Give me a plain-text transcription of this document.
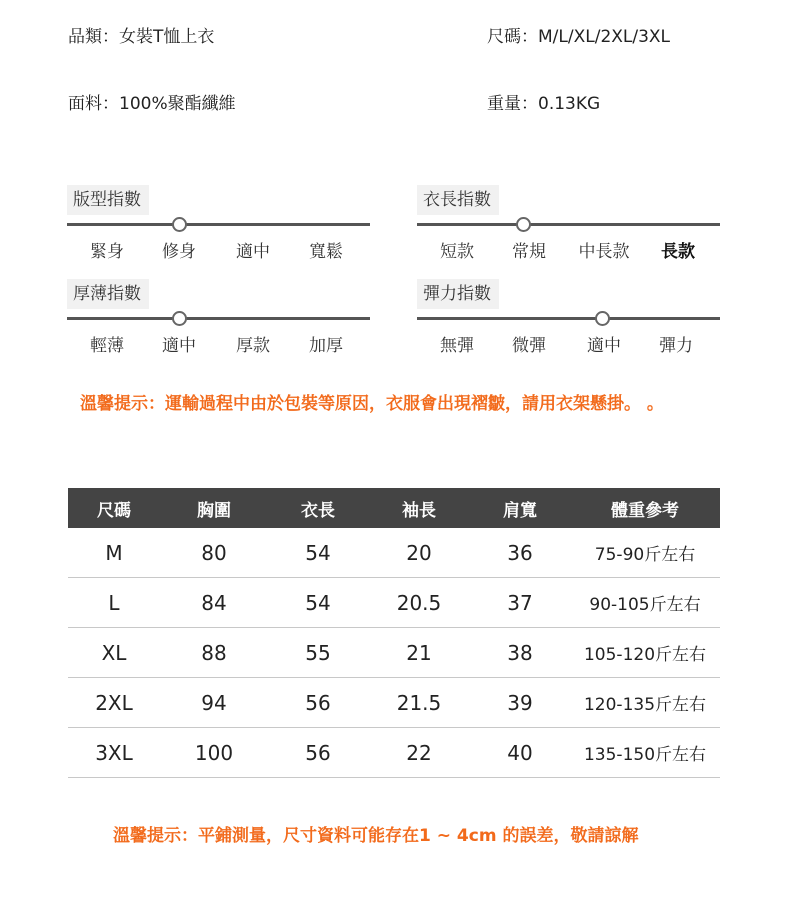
品類：女裝T恤上衣	尺碼：M/L/XL/2XL/3XL
面料：100%聚酯纖維	重量：0.13KG
版型指數
緊身 修身 適中 寬鬆
衣長指數
短款 常規 中長款 長款
厚薄指數
輕薄 適中 厚款 加厚
彈力指數
無彈 微彈 適中 彈力
溫馨提示：運輸過程中由於包裝等原因，衣服會出現褶皺，請用衣架懸掛。 。
尺碼	胸圍	衣長	袖長	肩寬	體重參考
M	80	54	20	36	75-90斤左右
L	84	54	20.5	37	90-105斤左右
XL	88	55	21	38	105-120斤左右
2XL	94	56	21.5	39	120-135斤左右
3XL	100	56	22	40	135-150斤左右
溫馨提示：平鋪測量，尺寸資料可能存在1 ~ 4cm 的誤差，敬請諒解
